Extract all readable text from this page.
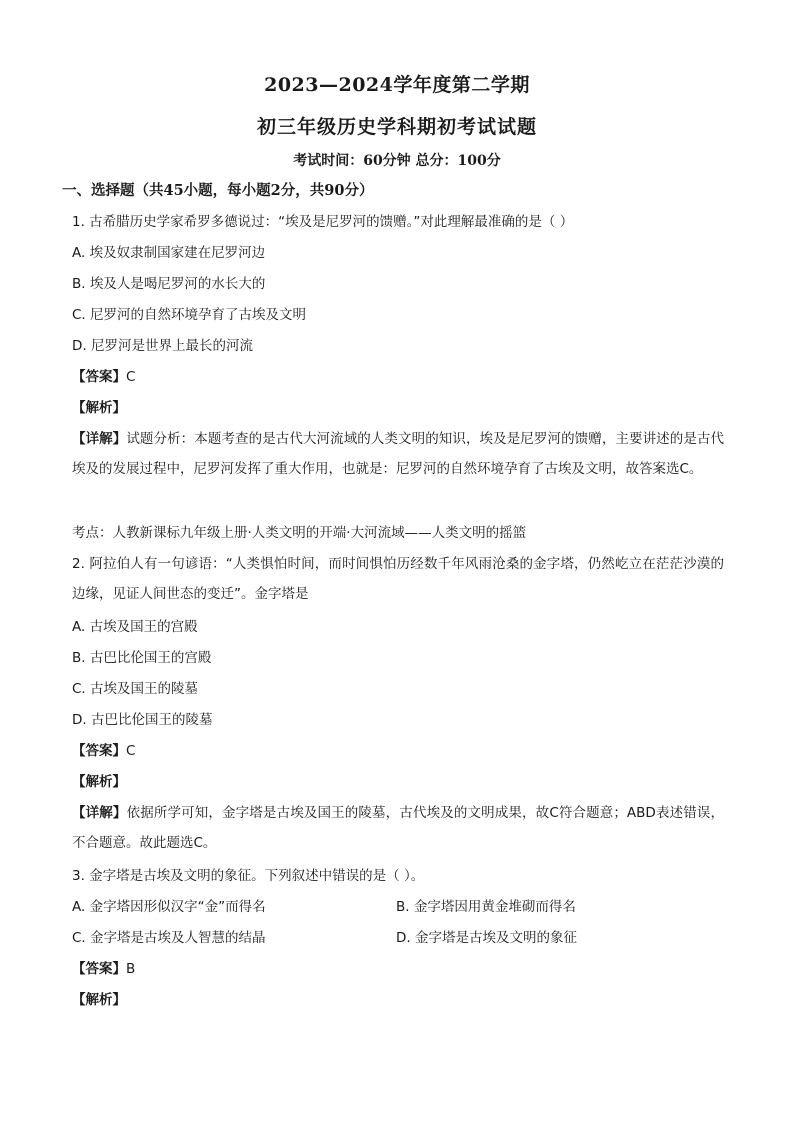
2023—2024学年度第二学期
初三年级历史学科期初考试试题
考试时间：60分钟 总分：100分
一、选择题（共45小题，每小题2分，共90分）
1. 古希腊历史学家希罗多德说过：“埃及是尼罗河的馈赠。”对此理解最准确的是（ ）
A. 埃及奴隶制国家建在尼罗河边
B. 埃及人是喝尼罗河的水长大的
C. 尼罗河的自然环境孕育了古埃及文明
D. 尼罗河是世界上最长的河流
【答案】C
【解析】
【详解】试题分析：本题考查的是古代大河流域的人类文明的知识，埃及是尼罗河的馈赠，主要讲述的是古代埃及的发展过程中，尼罗河发挥了重大作用，也就是：尼罗河的自然环境孕育了古埃及文明，故答案选C。
考点：人教新课标九年级上册·人类文明的开端·大河流域——人类文明的摇篮
2. 阿拉伯人有一句谚语：“人类惧怕时间，而时间惧怕历经数千年风雨沧桑的金字塔，仍然屹立在茫茫沙漠的边缘，见证人间世态的变迁”。金字塔是
A. 古埃及国王的宫殿
B. 古巴比伦国王的宫殿
C. 古埃及国王的陵墓
D. 古巴比伦国王的陵墓
【答案】C
【解析】
【详解】依据所学可知，金字塔是古埃及国王的陵墓，古代埃及的文明成果，故C符合题意；ABD表述错误，不合题意。故此题选C。
3. 金字塔是古埃及文明的象征。下列叙述中错误的是（ ）。
A. 金字塔因形似汉字“金”而得名	B. 金字塔因用黄金堆砌而得名
C. 金字塔是古埃及人智慧的结晶	D. 金字塔是古埃及文明的象征
【答案】B
【解析】
